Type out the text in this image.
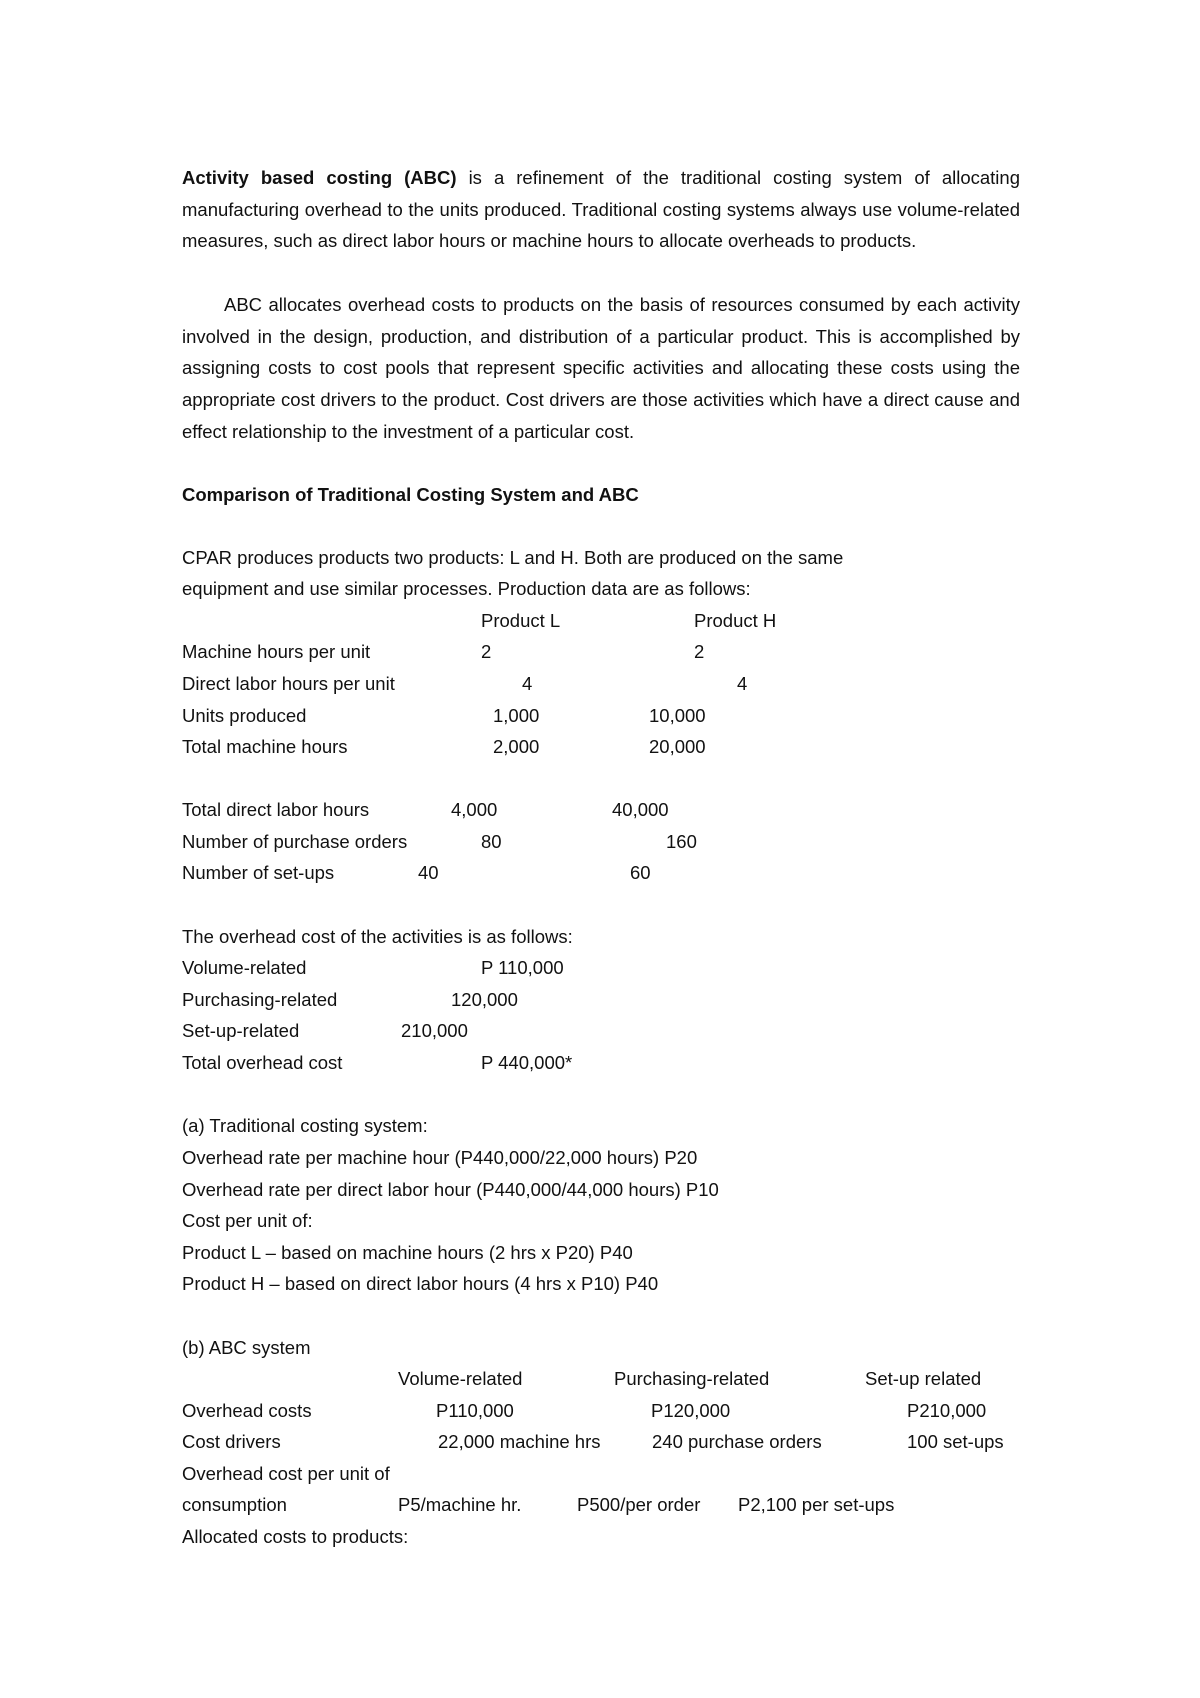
Activity based costing (ABC) is a refinement of the traditional costing system of allocating manufacturing overhead to the units produced. Traditional costing systems always use volume-related measures, such as direct labor hours or machine hours to allocate overheads to products.

ABC allocates overhead costs to products on the basis of resources consumed by each activity involved in the design, production, and distribution of a particular product. This is accomplished by assigning costs to cost pools that represent specific activities and allocating these costs using the appropriate cost drivers to the product. Cost drivers are those activities which have a direct cause and effect relationship to the investment of a particular cost.

Comparison of Traditional Costing System and ABC
CPAR produces products two products: L and H. Both are produced on the same
equipment and use similar processes. Production data are as follows:
Product L	Product H
Machine hours per unit	2	2
Direct labor hours per unit	4	4
Units produced	1,000	10,000
Total machine hours	2,000	20,000
Total direct labor hours	4,000	40,000
Number of purchase orders	80	160
Number of set-ups	40	60
The overhead cost of the activities is as follows:
Volume-related	P 110,000
Purchasing-related	120,000
Set-up-related	210,000
Total overhead cost	P 440,000*
(a) Traditional costing system:
Overhead rate per machine hour (P440,000/22,000 hours) P20
Overhead rate per direct labor hour (P440,000/44,000 hours) P10
Cost per unit of:
Product L – based on machine hours (2 hrs x P20) P40
Product H – based on direct labor hours (4 hrs x P10) P40
(b) ABC system
Volume-related	Purchasing-related	Set-up related
Overhead costs	P110,000	P120,000	P210,000
Cost drivers	22,000 machine hrs	240 purchase orders	100 set-ups
Overhead cost per unit of
consumption	P5/machine hr.	P500/per order P2,100 per set-ups
Allocated costs to products:
